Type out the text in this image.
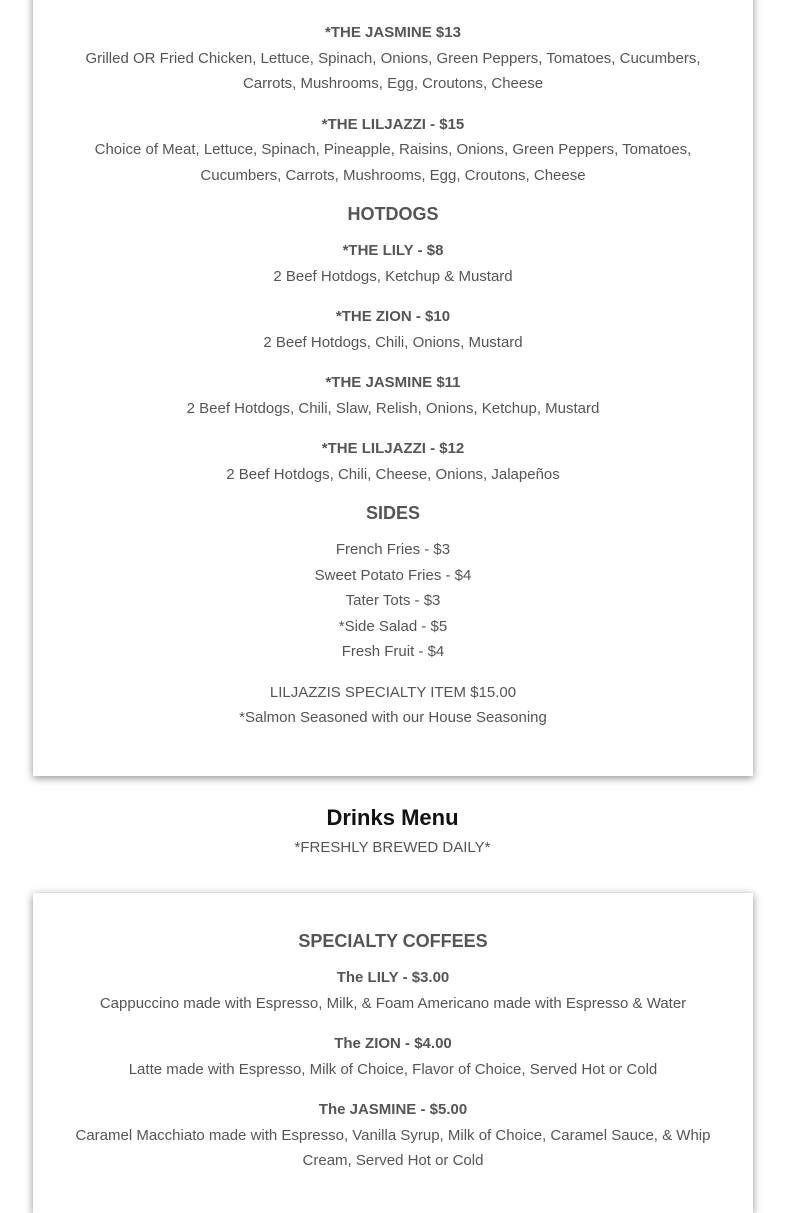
*THE JASMINE $13
Grilled OR Fried Chicken, Lettuce, Spinach, Onions, Green Peppers, Tomatoes, Cucumbers, Carrots, Mushrooms, Egg, Croutons, Cheese
*THE LILJAZZI - $15
Choice of Meat, Lettuce, Spinach, Pineapple, Raisins, Onions, Green Peppers, Tomatoes, Cucumbers, Carrots, Mushrooms, Egg, Croutons, Cheese
HOTDOGS
*THE LILY - $8
2 Beef Hotdogs, Ketchup & Mustard
*THE ZION - $10
2 Beef Hotdogs, Chili, Onions, Mustard
*THE JASMINE $11
2 Beef Hotdogs, Chili, Slaw, Relish, Onions, Ketchup, Mustard
*THE LILJAZZI - $12
2 Beef Hotdogs, Chili, Cheese, Onions, Jalapeños
SIDES
French Fries - $3
Sweet Potato Fries - $4
Tater Tots - $3
*Side Salad - $5
Fresh Fruit - $4
LILJAZZIS SPECIALTY ITEM $15.00
*Salmon Seasoned with our House Seasoning
Drinks Menu
*FRESHLY BREWED DAILY*
SPECIALTY COFFEES
The LILY - $3.00
Cappuccino made with Espresso, Milk, & Foam Americano made with Espresso & Water
The ZION - $4.00
Latte made with Espresso, Milk of Choice, Flavor of Choice, Served Hot or Cold
The JASMINE - $5.00
Caramel Macchiato made with Espresso, Vanilla Syrup, Milk of Choice, Caramel Sauce, & Whip Cream, Served Hot or Cold
